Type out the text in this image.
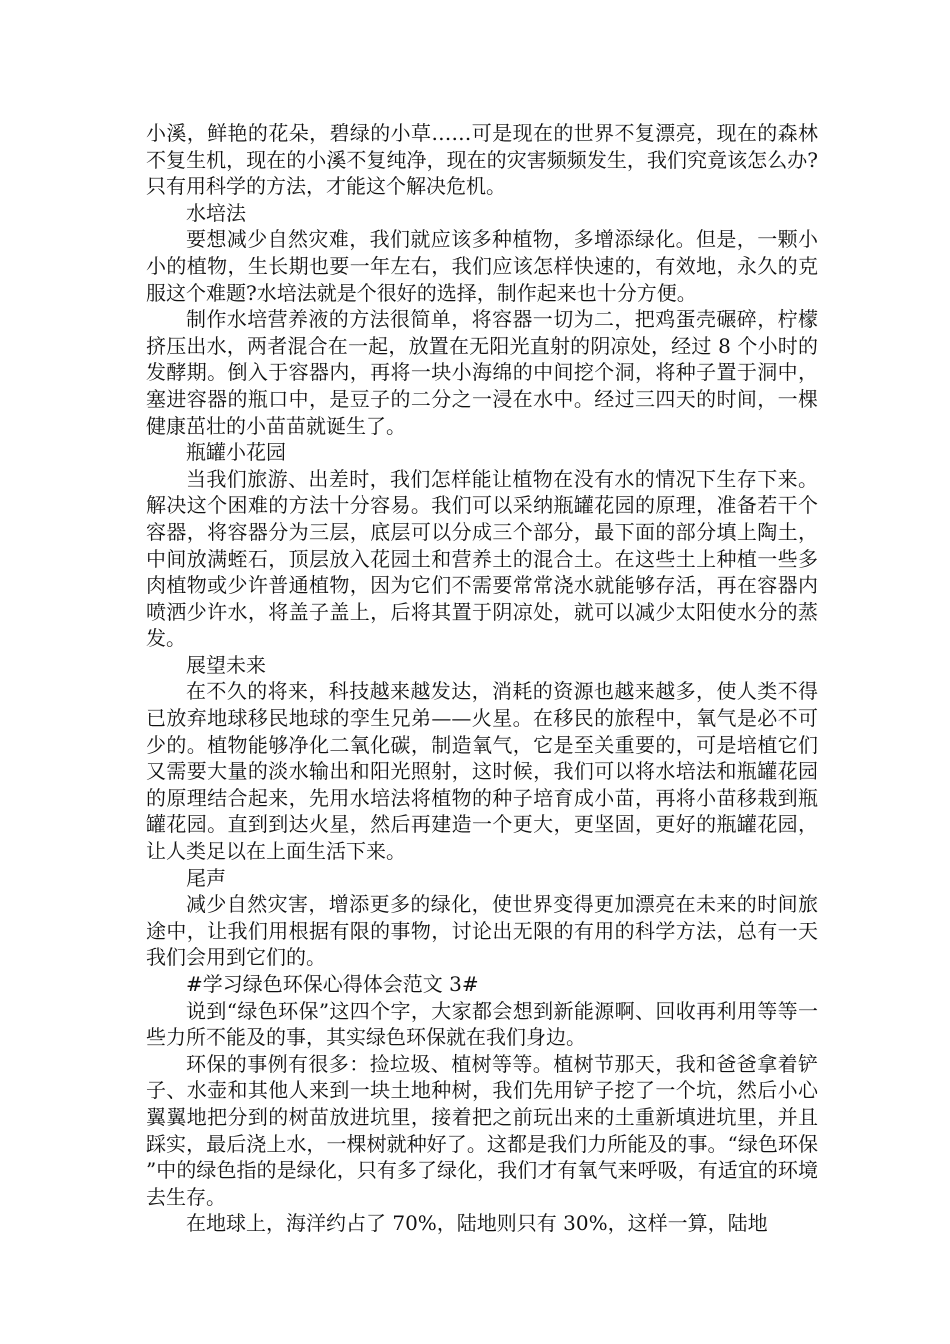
小溪，鲜艳的花朵，碧绿的小草……可是现在的世界不复漂亮，现在的森林不复生机，现在的小溪不复纯净，现在的灾害频频发生，我们究竟该怎么办?只有用科学的方法，才能这个解决危机。

水培法

要想减少自然灾难，我们就应该多种植物，多增添绿化。但是，一颗小小的植物，生长期也要一年左右，我们应该怎样快速的，有效地，永久的克服这个难题?水培法就是个很好的选择，制作起来也十分方便。

制作水培营养液的方法很简单，将容器一切为二，把鸡蛋壳碾碎，柠檬挤压出水，两者混合在一起，放置在无阳光直射的阴凉处，经过 8 个小时的发酵期。倒入于容器内，再将一块小海绵的中间挖个洞，将种子置于洞中，塞进容器的瓶口中，是豆子的二分之一浸在水中。经过三四天的时间，一棵健康茁壮的小苗苗就诞生了。

瓶罐小花园

当我们旅游、出差时，我们怎样能让植物在没有水的情况下生存下来。解决这个困难的方法十分容易。我们可以采纳瓶罐花园的原理，准备若干个容器，将容器分为三层，底层可以分成三个部分，最下面的部分填上陶土，中间放满蛭石，顶层放入花园土和营养土的混合土。在这些土上种植一些多肉植物或少许普通植物，因为它们不需要常常浇水就能够存活，再在容器内喷洒少许水，将盖子盖上，后将其置于阴凉处，就可以减少太阳使水分的蒸发。

展望未来

在不久的将来，科技越来越发达，消耗的资源也越来越多，使人类不得已放弃地球移民地球的孪生兄弟——火星。在移民的旅程中，氧气是必不可少的。植物能够净化二氧化碳，制造氧气，它是至关重要的，可是培植它们又需要大量的淡水输出和阳光照射，这时候，我们可以将水培法和瓶罐花园的原理结合起来，先用水培法将植物的种子培育成小苗，再将小苗移栽到瓶罐花园。直到到达火星，然后再建造一个更大，更坚固，更好的瓶罐花园，让人类足以在上面生活下来。

尾声

减少自然灾害，增添更多的绿化，使世界变得更加漂亮在未来的时间旅途中，让我们用根据有限的事物，讨论出无限的有用的科学方法，总有一天我们会用到它们的。

#学习绿色环保心得体会范文 3#

说到“绿色环保”这四个字，大家都会想到新能源啊、回收再利用等等一些力所不能及的事，其实绿色环保就在我们身边。

环保的事例有很多：捡垃圾、植树等等。植树节那天，我和爸爸拿着铲子、水壶和其他人来到一块土地种树，我们先用铲子挖了一个坑，然后小心翼翼地把分到的树苗放进坑里，接着把之前玩出来的土重新填进坑里，并且踩实，最后浇上水，一棵树就种好了。这都是我们力所能及的事。“绿色环保”中的绿色指的是绿化，只有多了绿化，我们才有氧气来呼吸，有适宜的环境去生存。

在地球上，海洋约占了 70%，陆地则只有 30%，这样一算，陆地
